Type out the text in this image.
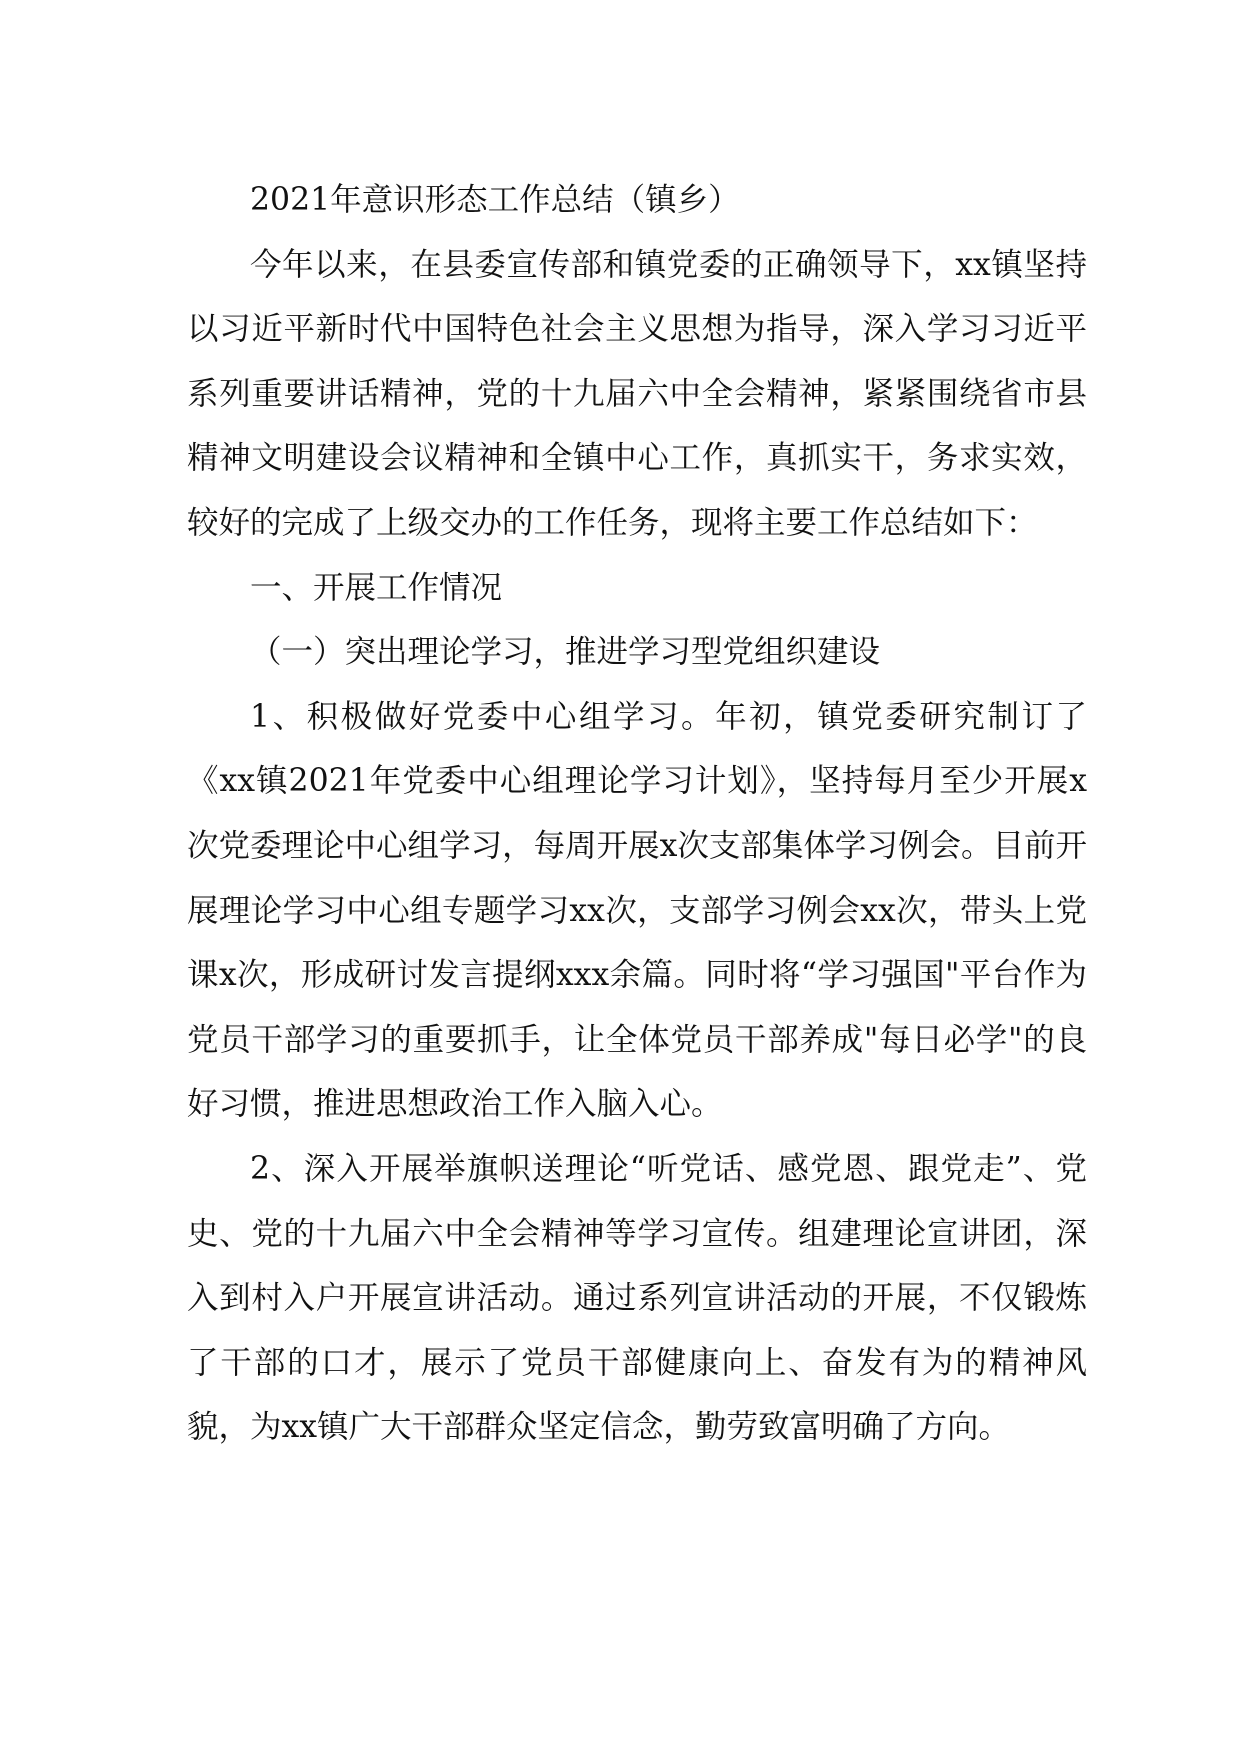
2021年意识形态工作总结（镇乡）

今年以来，在县委宣传部和镇党委的正确领导下，xx镇坚持以习近平新时代中国特色社会主义思想为指导，深入学习习近平系列重要讲话精神，党的十九届六中全会精神，紧紧围绕省市县精神文明建设会议精神和全镇中心工作，真抓实干，务求实效，较好的完成了上级交办的工作任务，现将主要工作总结如下：

一、开展工作情况

（一）突出理论学习，推进学习型党组织建设

1、积极做好党委中心组学习。年初，镇党委研究制订了《xx镇2021年党委中心组理论学习计划》，坚持每月至少开展x次党委理论中心组学习，每周开展x次支部集体学习例会。目前开展理论学习中心组专题学习xx次，支部学习例会xx次，带头上党课x次，形成研讨发言提纲xxx余篇。同时将“学习强国"平台作为党员干部学习的重要抓手，让全体党员干部养成"每日必学"的良好习惯，推进思想政治工作入脑入心。

2、深入开展举旗帜送理论“听党话、感党恩、跟党走”、党史、党的十九届六中全会精神等学习宣传。组建理论宣讲团，深入到村入户开展宣讲活动。通过系列宣讲活动的开展，不仅锻炼了干部的口才，展示了党员干部健康向上、奋发有为的精神风貌，为xx镇广大干部群众坚定信念，勤劳致富明确了方向。
